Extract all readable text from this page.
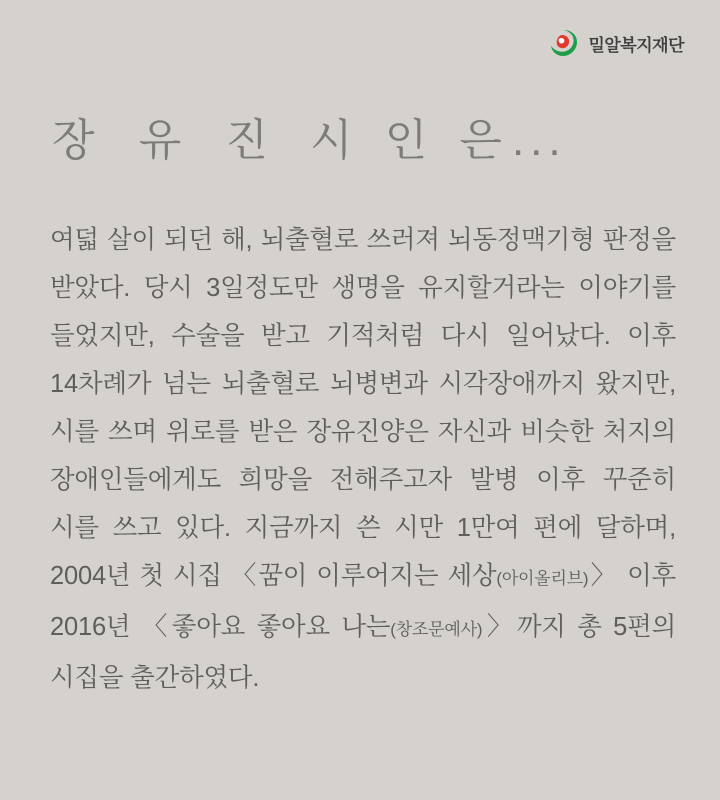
밀알복지재단
장 유 진 시 인 은...
여덟 살이 되던 해, 뇌출혈로 쓰러져 뇌동정맥기형 판정을 받았다. 당시 3일정도만 생명을 유지할거라는 이야기를 들었지만, 수술을 받고 기적처럼 다시 일어났다. 이후 14차례가 넘는 뇌출혈로 뇌병변과 시각장애까지 왔지만, 시를 쓰며 위로를 받은 장유진양은 자신과 비슷한 처지의 장애인들에게도 희망을 전해주고자 발병 이후 꾸준히 시를 쓰고 있다. 지금까지 쓴 시만 1만여 편에 달하며, 2004년 첫 시집 〈꿈이 이루어지는 세상(아이올리브)〉 이후 2016년 〈좋아요 좋아요 나는(창조문예사)〉까지 총 5편의 시집을 출간하였다.
